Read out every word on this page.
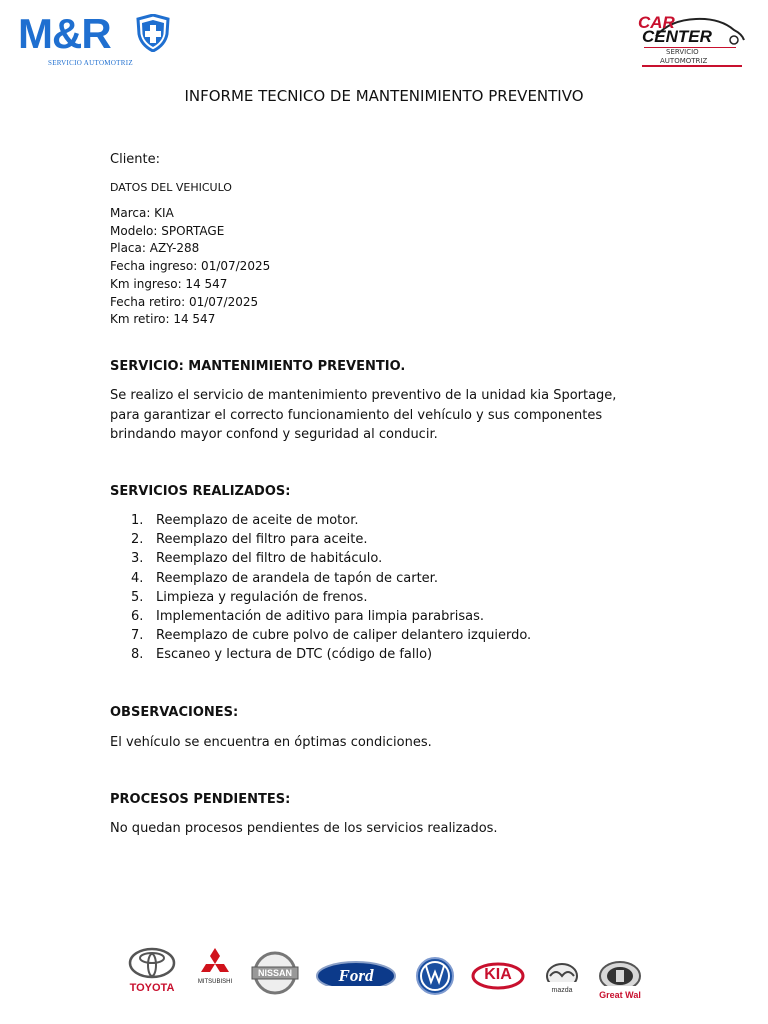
M&R
SERVICIO AUTOMOTRIZ
CAR
CENTER
SERVICIO
AUTOMOTRIZ
INFORME TECNICO DE MANTENIMIENTO PREVENTIVO
Cliente:
DATOS DEL VEHICULO
Marca: KIA
Modelo: SPORTAGE
Placa: AZY-288
Fecha ingreso: 01/07/2025
Km ingreso: 14 547
Fecha retiro: 01/07/2025
Km retiro: 14 547
SERVICIO: MANTENIMIENTO PREVENTIO.
Se realizo el servicio de mantenimiento preventivo de la unidad kia Sportage, para garantizar el correcto funcionamiento del vehículo y sus componentes brindando mayor confond y seguridad al conducir.
SERVICIOS REALIZADOS:
1. Reemplazo de aceite de motor.
2. Reemplazo del filtro para aceite.
3. Reemplazo del filtro de habitáculo.
4. Reemplazo de arandela de tapón de carter.
5. Limpieza y regulación de frenos.
6. Implementación de aditivo para limpia parabrisas.
7. Reemplazo de cubre polvo de caliper delantero izquierdo.
8. Escaneo y lectura de DTC (código de fallo)
OBSERVACIONES:
El vehículo se encuentra en óptimas condiciones.
PROCESOS PENDIENTES:
No quedan procesos pendientes de los servicios realizados.
TOYOTA	MITSUBISHI
NISSAN	Ford	KIA
mazda	Great Wal
